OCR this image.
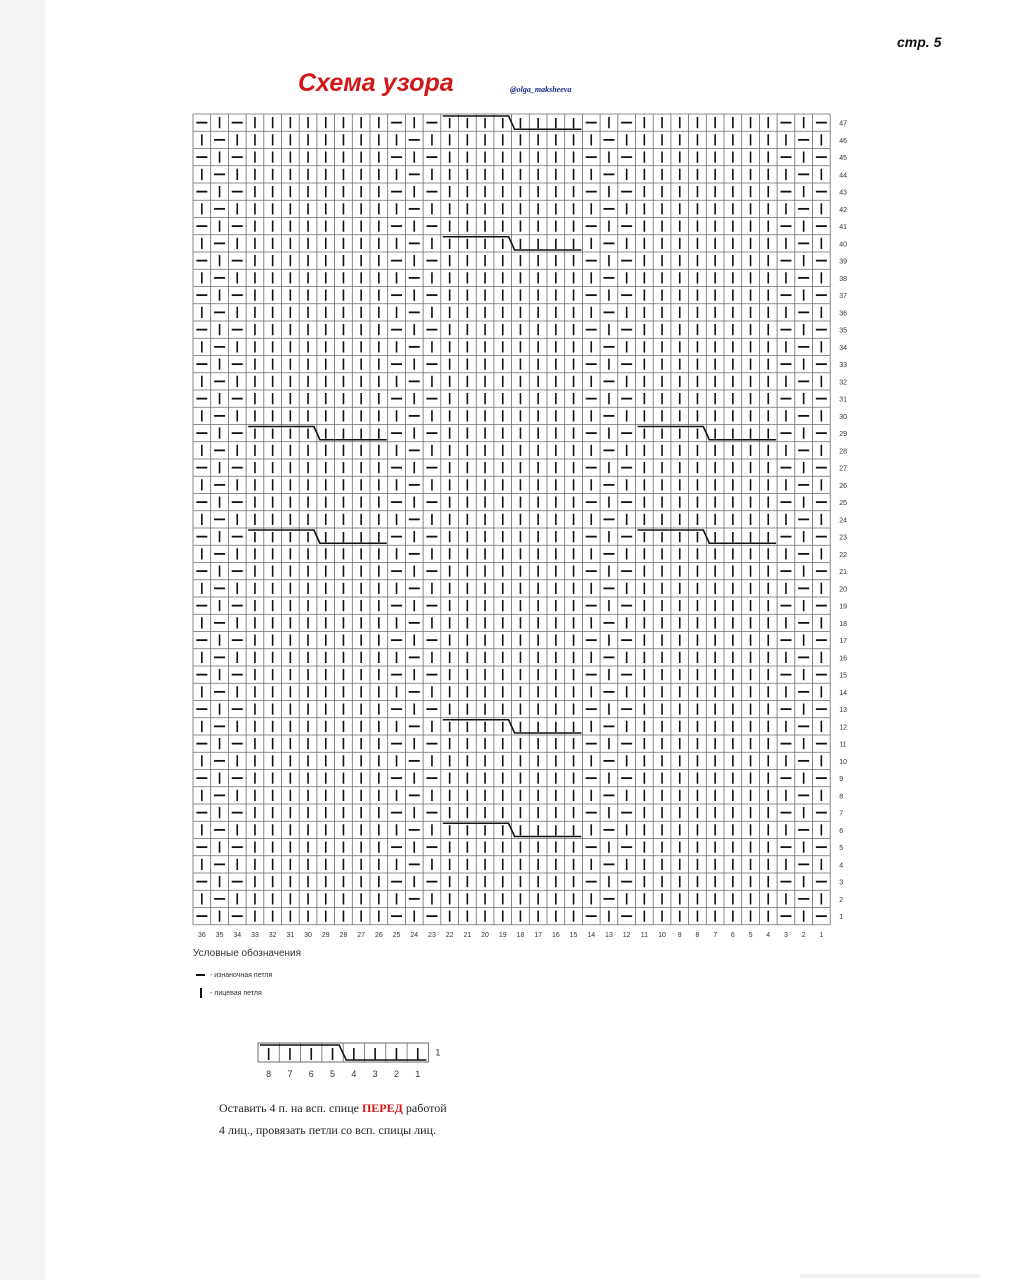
стр. 5
Схема узора	@olga_maksheeva
47
46
45
44
43
42
41
40
39
38
37
36
35
34
33
32
31
30
29
28
27
26
25
24
23
22
21
20
19
18
17
16
15
14
13
12
11
10
9
8
7
6
5
4
3
2
1
36 35 34 33 32 31 30 29 28 27 26 25 24 23 22 21 20 19 18 17 16 15 14 13 12 11 10 9 8 7 6 5 4 3 2 1
8 7 6 5 4 3 2 1
1
Условные обозначения
- изнаночная петля
- лицевая петля
Оставить 4 п. на всп. спице ПЕРЕД работой
4 лиц., провязать петли со всп. спицы лиц.
